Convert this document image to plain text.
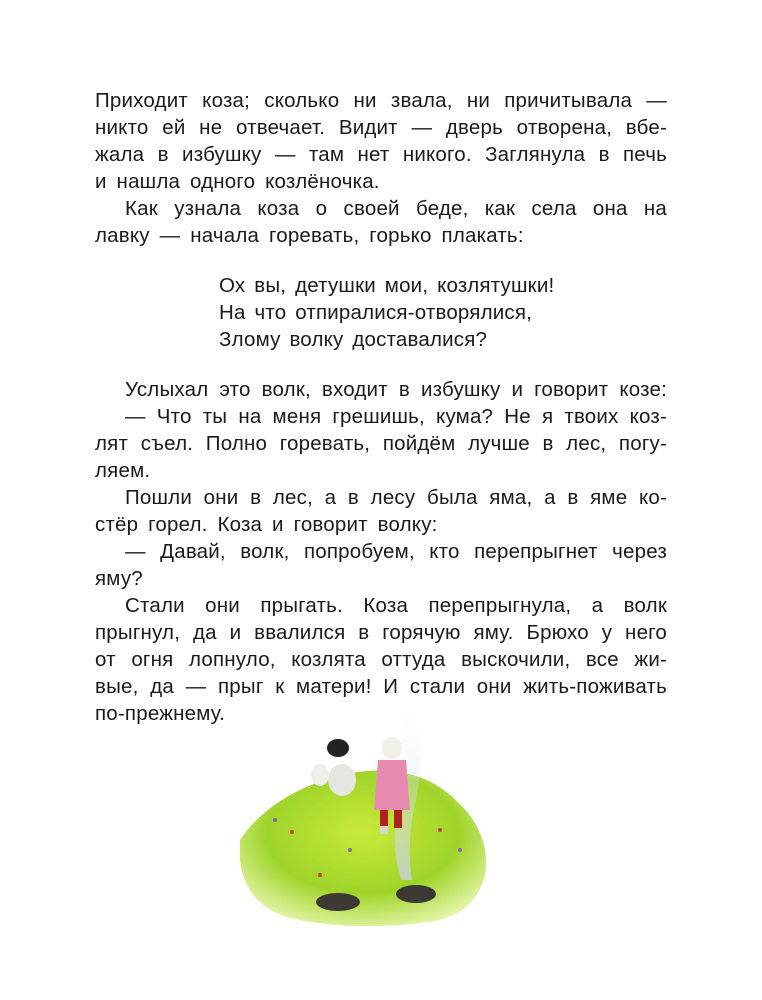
Приходит коза; сколько ни звала, ни причитывала —
никто ей не отвечает. Видит — дверь отворена, вбе-
жала в избушку — там нет никого. Заглянула в печь
и нашла одного козлёночка.
Как узнала коза о своей беде, как села она на
лавку — начала горевать, горько плакать:
Ох вы, детушки мои, козлятушки!
На что отпиралися-отворялися,
Злому волку доставалися?
Услыхал это волк, входит в избушку и говорит козе:
— Что ты на меня грешишь, кума? Не я твоих коз-
лят съел. Полно горевать, пойдём лучше в лес, погу-
ляем.
Пошли они в лес, а в лесу была яма, а в яме ко-
стёр горел. Коза и говорит волку:
— Давай, волк, попробуем, кто перепрыгнет через
яму?
Стали они прыгать. Коза перепрыгнула, а волк
прыгнул, да и ввалился в горячую яму. Брюхо у него
от огня лопнуло, козлята оттуда выскочили, все жи-
вые, да — прыг к матери! И стали они жить-поживать
по-прежнему.
